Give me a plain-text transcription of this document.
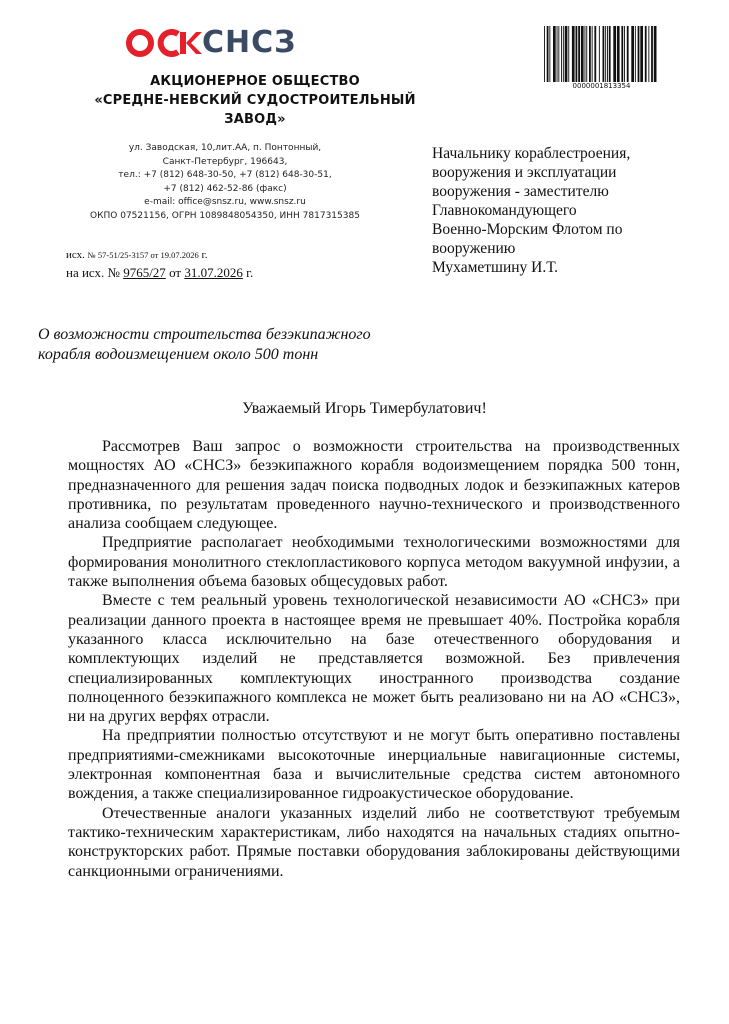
СНСЗ
АКЦИОНЕРНОЕ ОБЩЕСТВО
«СРЕДНЕ-НЕВСКИЙ СУДОСТРОИТЕЛЬНЫЙ ЗАВОД»
0000001813354
ул. Заводская, 10,лит.АА, п. Понтонный,
Санкт-Петербург, 196643,
тел.: +7 (812) 648-30-50, +7 (812) 648-30-51,
+7 (812) 462-52-86 (факс)
e-mail: office@snsz.ru, www.snsz.ru
ОКПО 07521156, ОГРН 1089848054350, ИНН 7817315385
исх. № 57-51/25-3157 от 19.07.2026 г.
на исх. № 9765/27 от 31.07.2026 г.
Начальнику кораблестроения,
вооружения и эксплуатации
вооружения - заместителю
Главнокомандующего
Военно-Морским Флотом по
вооружению
Мухаметшину И.Т.
О возможности строительства безэкипажного
корабля водоизмещением около 500 тонн
Уважаемый Игорь Тимербулатович!

Рассмотрев Ваш запрос о возможности строительства на производственных мощностях АО «СНСЗ» безэкипажного корабля водоизмещением порядка 500 тонн, предназначенного для решения задач поиска подводных лодок и безэкипажных катеров противника, по результатам проведенного научно-технического и производственного анализа сообщаем следующее.

Предприятие располагает необходимыми технологическими возможностями для формирования монолитного стеклопластикового корпуса методом вакуумной инфузии, а также выполнения объема базовых общесудовых работ.

Вместе с тем реальный уровень технологической независимости АО «СНСЗ» при реализации данного проекта в настоящее время не превышает 40%. Постройка корабля указанного класса исключительно на базе отечественного оборудования и комплектующих изделий не представляется возможной. Без привлечения специализированных комплектующих иностранного производства создание полноценного безэкипажного комплекса не может быть реализовано ни на АО «СНСЗ», ни на других верфях отрасли.

На предприятии полностью отсутствуют и не могут быть оперативно поставлены предприятиями-смежниками высокоточные инерциальные навигационные системы, электронная компонентная база и вычислительные средства систем автономного вождения, а также специализированное гидроакустическое оборудование.

Отечественные аналоги указанных изделий либо не соответствуют требуемым тактико-техническим характеристикам, либо находятся на начальных стадиях опытно-конструкторских работ. Прямые поставки оборудования заблокированы действующими санкционными ограничениями.
